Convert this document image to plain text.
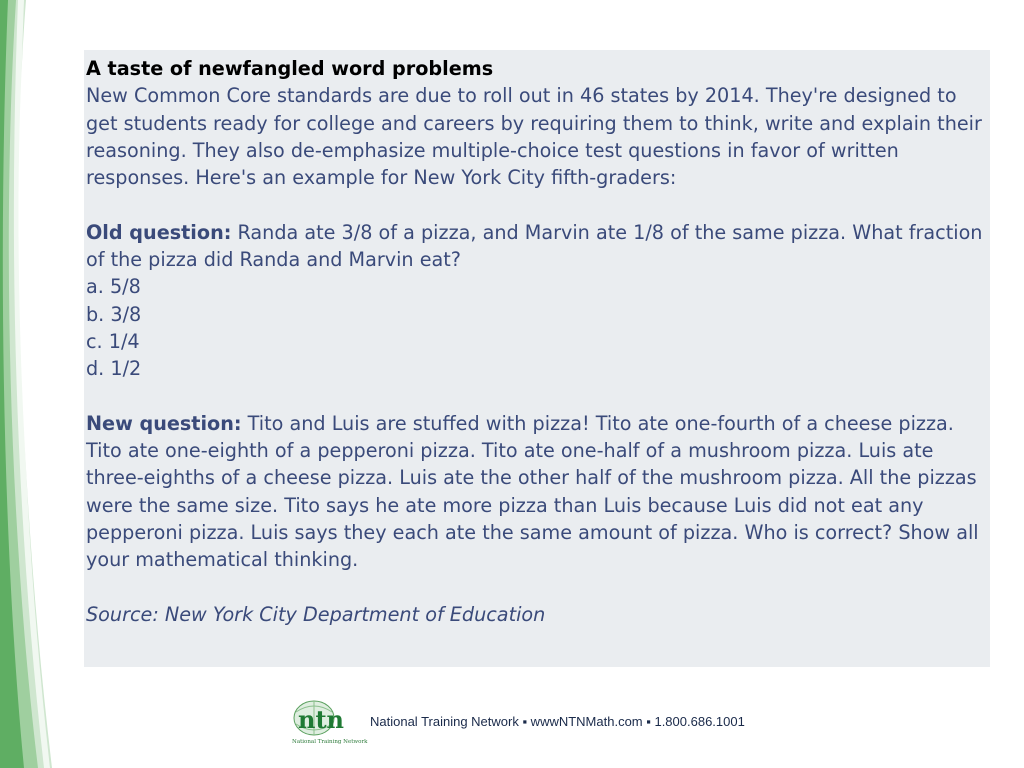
A taste of newfangled word problems

New Common Core standards are due to roll out in 46 states by 2014. They're designed to get students ready for college and careers by requiring them to think, write and explain their reasoning. They also de-emphasize multiple-choice test questions in favor of written responses. Here's an example for New York City fifth-graders:

Old question: Randa ate 3/8 of a pizza, and Marvin ate 1/8 of the same pizza. What fraction of the pizza did Randa and Marvin eat?

a. 5/8

b. 3/8

c. 1/4

d. 1/2

New question: Tito and Luis are stuffed with pizza! Tito ate one-fourth of a cheese pizza. Tito ate one-eighth of a pepperoni pizza. Tito ate one-half of a mushroom pizza. Luis ate three-eighths of a cheese pizza. Luis ate the other half of the mushroom pizza. All the pizzas were the same size. Tito says he ate more pizza than Luis because Luis did not eat any pepperoni pizza. Luis says they each ate the same amount of pizza. Who is correct? Show all your mathematical thinking.

Source: New York City Department of Education

ntn
National Training Network
National Training Network ▪ wwwNTNMath.com ▪ 1.800.686.1001
